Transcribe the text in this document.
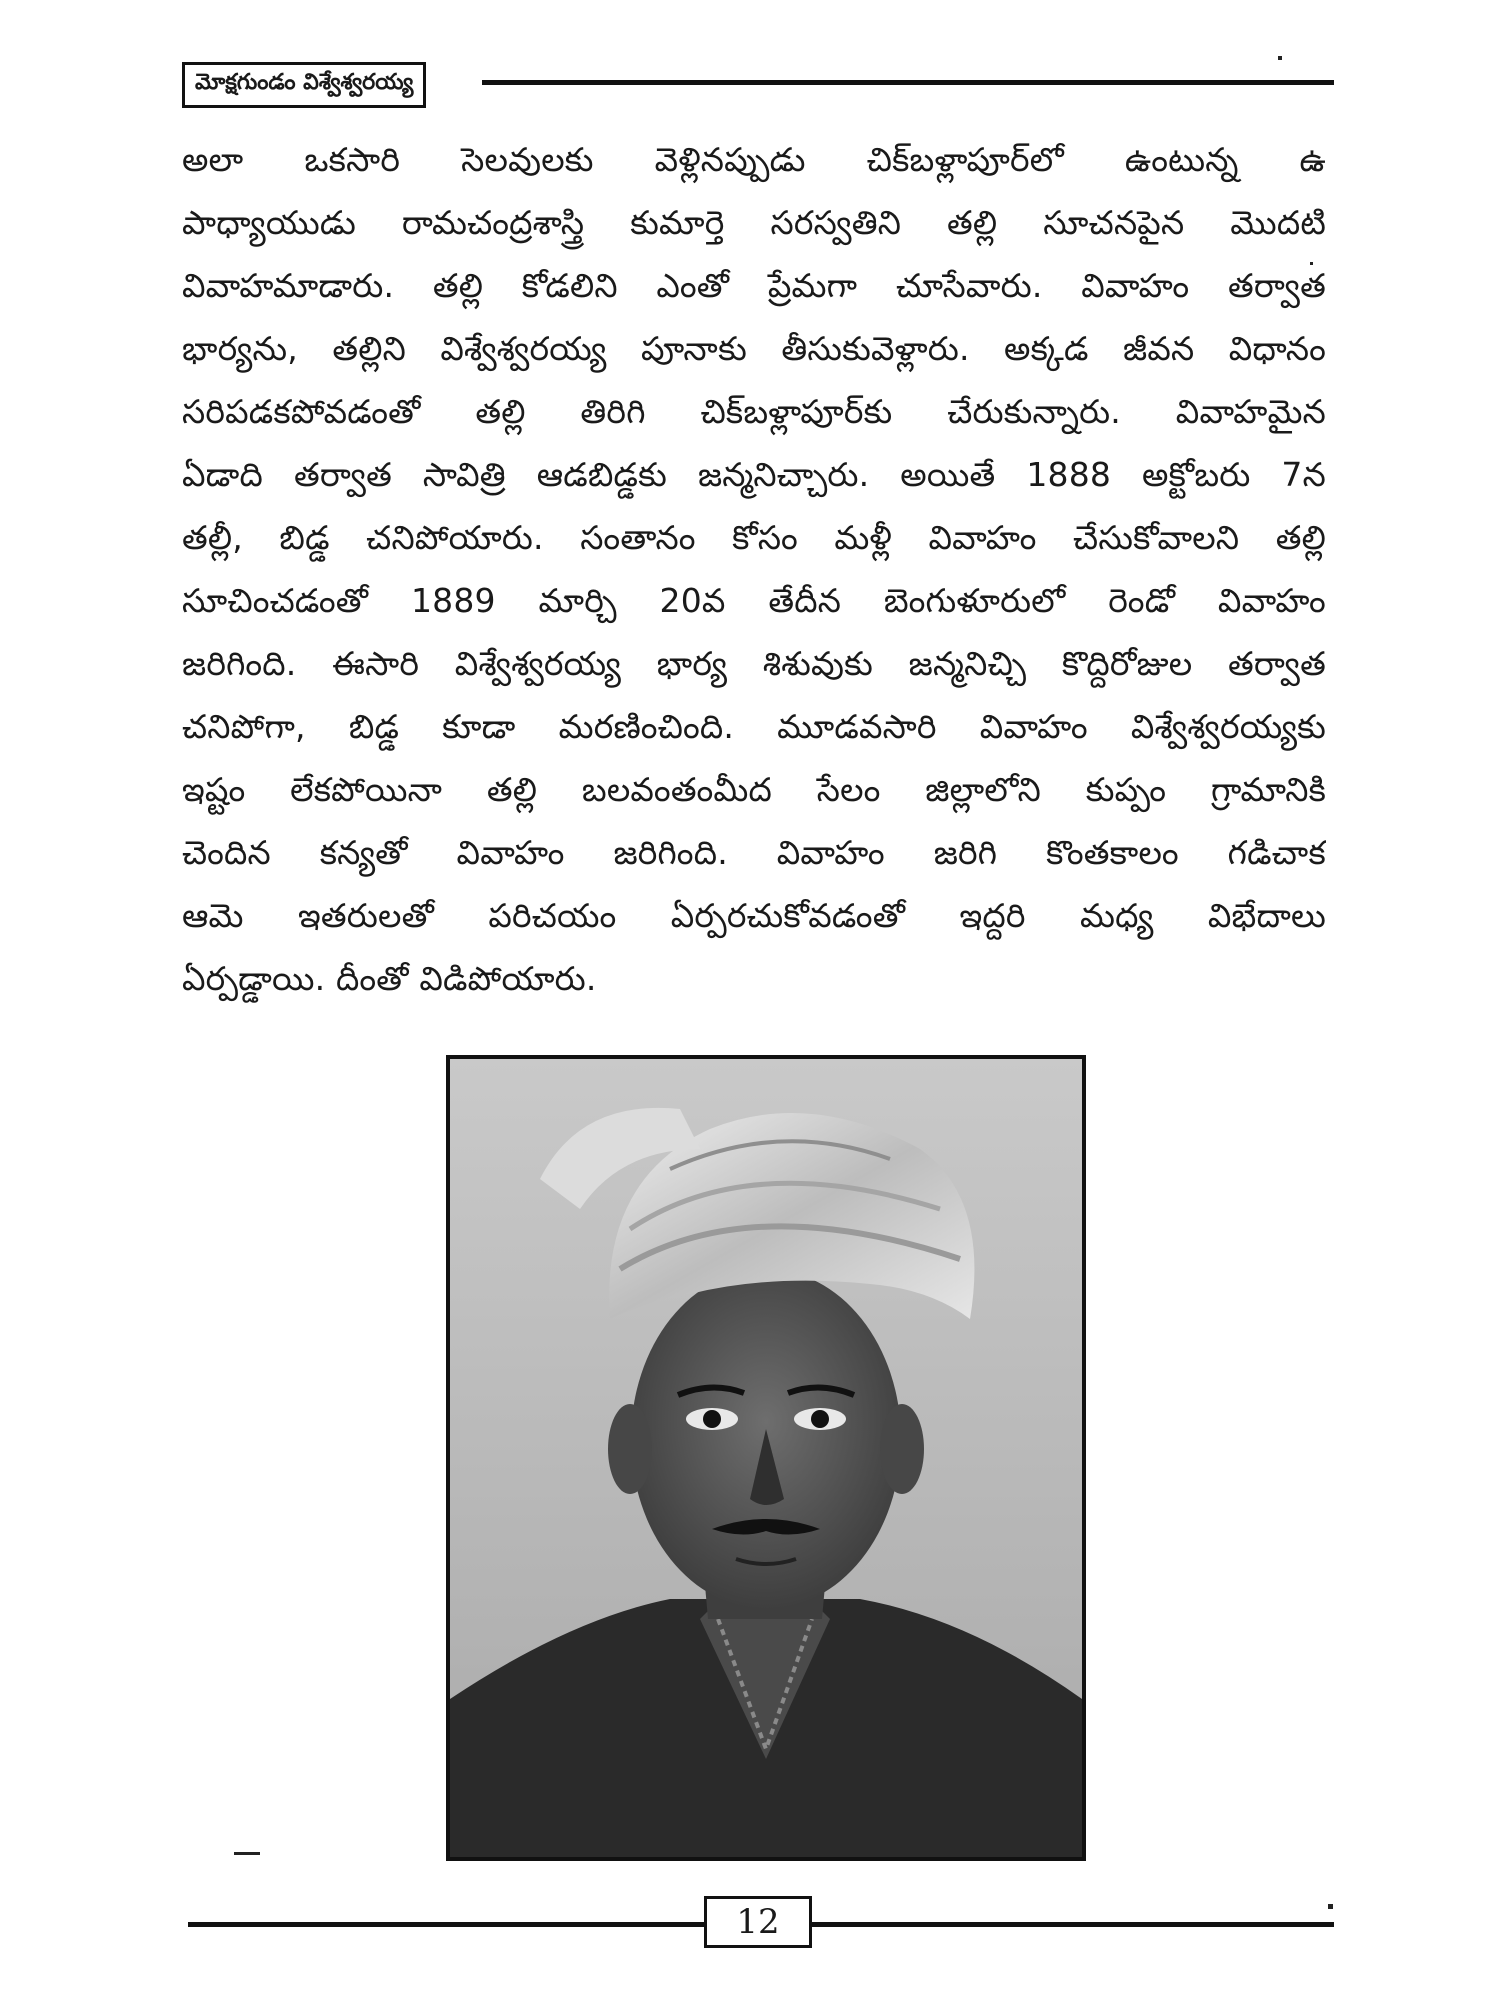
మోక్షగుండం విశ్వేశ్వరయ్య
అలా ఒకసారి సెలవులకు వెళ్లినప్పుడు చిక్‌బళ్లాపూర్‌లో ఉంటున్న ఉ
పాధ్యాయుడు రామచంద్రశాస్త్రి కుమార్తె సరస్వతిని తల్లి సూచనపైన మొదటి
వివాహమాడారు. తల్లి కోడలిని ఎంతో ప్రేమగా చూసేవారు. వివాహం తర్వాత
భార్యను, తల్లిని విశ్వేశ్వరయ్య పూనాకు తీసుకువెళ్లారు. అక్కడ జీవన విధానం
సరిపడకపోవడంతో తల్లి తిరిగి చిక్‌బళ్లాపూర్‌కు చేరుకున్నారు. వివాహమైన
ఏడాది తర్వాత సావిత్రి ఆడబిడ్డకు జన్మనిచ్చారు. అయితే 1888 అక్టోబరు 7న
తల్లీ, బిడ్డ చనిపోయారు. సంతానం కోసం మళ్లీ వివాహం చేసుకోవాలని తల్లి
సూచించడంతో 1889 మార్చి 20వ తేదీన బెంగుళూరులో రెండో వివాహం
జరిగింది. ఈసారి విశ్వేశ్వరయ్య భార్య శిశువుకు జన్మనిచ్చి కొద్దిరోజుల తర్వాత
చనిపోగా, బిడ్డ కూడా మరణించింది. మూడవసారి వివాహం విశ్వేశ్వరయ్యకు
ఇష్టం లేకపోయినా తల్లి బలవంతంమీద సేలం జిల్లాలోని కుప్పం గ్రామానికి
చెందిన కన్యతో వివాహం జరిగింది. వివాహం జరిగి కొంతకాలం గడిచాక
ఆమె ఇతరులతో పరిచయం ఏర్పరచుకోవడంతో ఇద్దరి మధ్య విభేదాలు
ఏర్పడ్డాయి. దీంతో విడిపోయారు.
12
